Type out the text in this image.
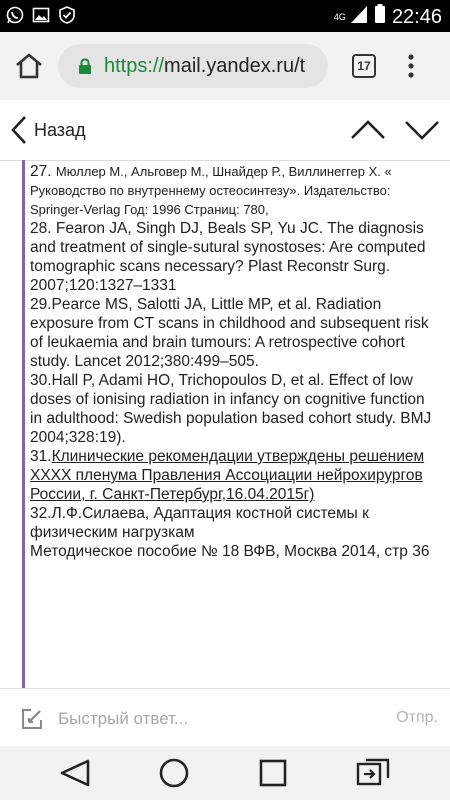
4G 22:46
https://mail.yandex.ru/t	17
Назад

27. Мюллер М., Альговер М., Шнайдер Р., Виллинеггер Х. « Руководство по внутреннему остеосинтезу». Издательство: Springer-Verlag Год: 1996 Страниц: 780,

28. Fearon JA, Singh DJ, Beals SP, Yu JC. The diagnosis and treatment of single-sutural synostoses: Are computed tomographic scans necessary? Plast Reconstr Surg. 2007;120:1327–1331

29.Pearce MS, Salotti JA, Little MP, et al. Radiation exposure from CT scans in childhood and subsequent risk of leukaemia and brain tumours: A retrospective cohort study. Lancet 2012;380:499–505.

30.Hall P, Adami HO, Trichopoulos D, et al. Effect of low doses of ionising radiation in infancy on cognitive function in adulthood: Swedish population based cohort study. BMJ 2004;328:19).

31.Клинические рекомендации утверждены решением XXXX пленума Правления Ассоциации нейрохирургов России, г. Санкт-Петербург,16.04.2015г)

32.Л.Ф.Силаева, Адаптация костной системы к физическим нагрузкам

Методическое пособие № 18 ВФВ, Москва 2014, стр 36

Быстрый ответ...
Отпр.
